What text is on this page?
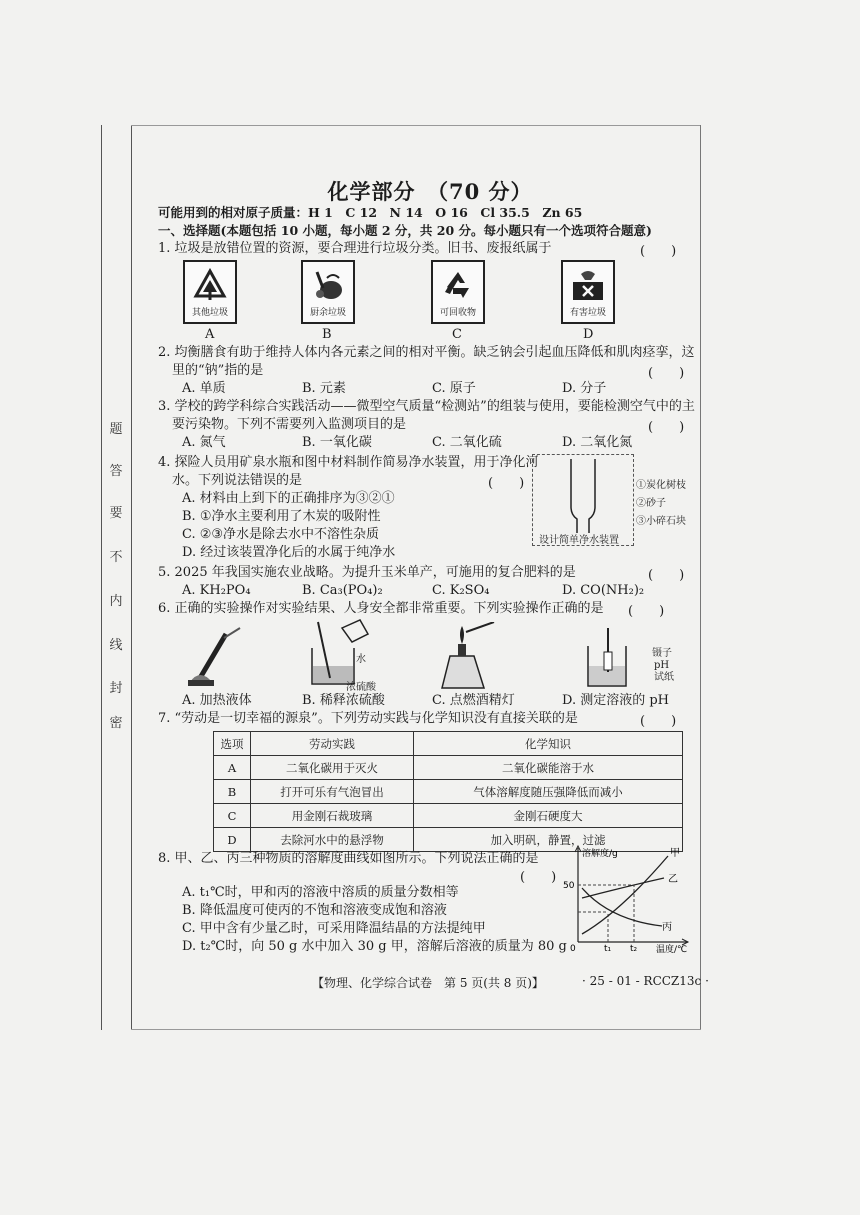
题
答
要
不
内
线
封
密
化学部分　（70 分）
可能用到的相对原子质量：H 1　C 12　N 14　O 16　Cl 35.5　Zn 65
一、选择题(本题包括 10 小题，每小题 2 分，共 20 分。每小题只有一个选项符合题意)
1. 垃圾是放错位置的资源，要合理进行垃圾分类。旧书、废报纸属于	(　　)
其他垃圾	厨余垃圾	可回收物	有害垃圾
A	B	C	D
2. 均衡膳食有助于维持人体内各元素之间的相对平衡。缺乏钠会引起血压降低和肌肉痉挛，这
里的“钠”指的是	(　　)
A. 单质	B. 元素	C. 原子	D. 分子
3. 学校的跨学科综合实践活动——微型空气质量“检测站”的组装与使用，要能检测空气中的主
要污染物。下列不需要列入监测项目的是	(　　)
A. 氮气	B. 一氧化碳	C. 二氧化硫	D. 二氧化氮
4. 探险人员用矿泉水瓶和图中材料制作简易净水装置，用于净化河
水。下列说法错误的是	(　　)
A. 材料由上到下的正确排序为③②①
B. ①净水主要利用了木炭的吸附性
C. ②③净水是除去水中不溶性杂质
D. 经过该装置净化后的水属于纯净水
设计简单净水装置
①炭化树枝
②砂子
③小碎石块
5. 2025 年我国实施农业战略。为提升玉米单产，可施用的复合肥料的是	(　　)
A. KH₂PO₄	B. Ca₃(PO₄)₂	C. K₂SO₄	D. CO(NH₂)₂
6. 正确的实验操作对实验结果、人身安全都非常重要。下列实验操作正确的是 (　　)
水
浓硫酸
镊子
pH
试纸
A. 加热液体	B. 稀释浓硫酸	C. 点燃酒精灯	D. 测定溶液的 pH
7. “劳动是一切幸福的源泉”。下列劳动实践与化学知识没有直接关联的是	(　　)
选项	劳动实践	化学知识
A	二氧化碳用于灭火	二氧化碳能溶于水
B	打开可乐有气泡冒出	气体溶解度随压强降低而减小
C	用金刚石裁玻璃	金刚石硬度大
D	去除河水中的悬浮物	加入明矾，静置，过滤
8. 甲、乙、丙三种物质的溶解度曲线如图所示。下列说法正确的是
(　　)
A. t₁℃时，甲和丙的溶液中溶质的质量分数相等
B. 降低温度可使丙的不饱和溶液变成饱和溶液
C. 甲中含有少量乙时，可采用降温结晶的方法提纯甲
D. t₂℃时，向 50 g 水中加入 30 g 甲，溶解后溶液的质量为 80 g
溶解度/g
温度/℃
50
0	t₁ t₂
甲
乙
丙
【物理、化学综合试卷　第 5 页(共 8 页)】	· 25 - 01 - RCCZ13c ·
